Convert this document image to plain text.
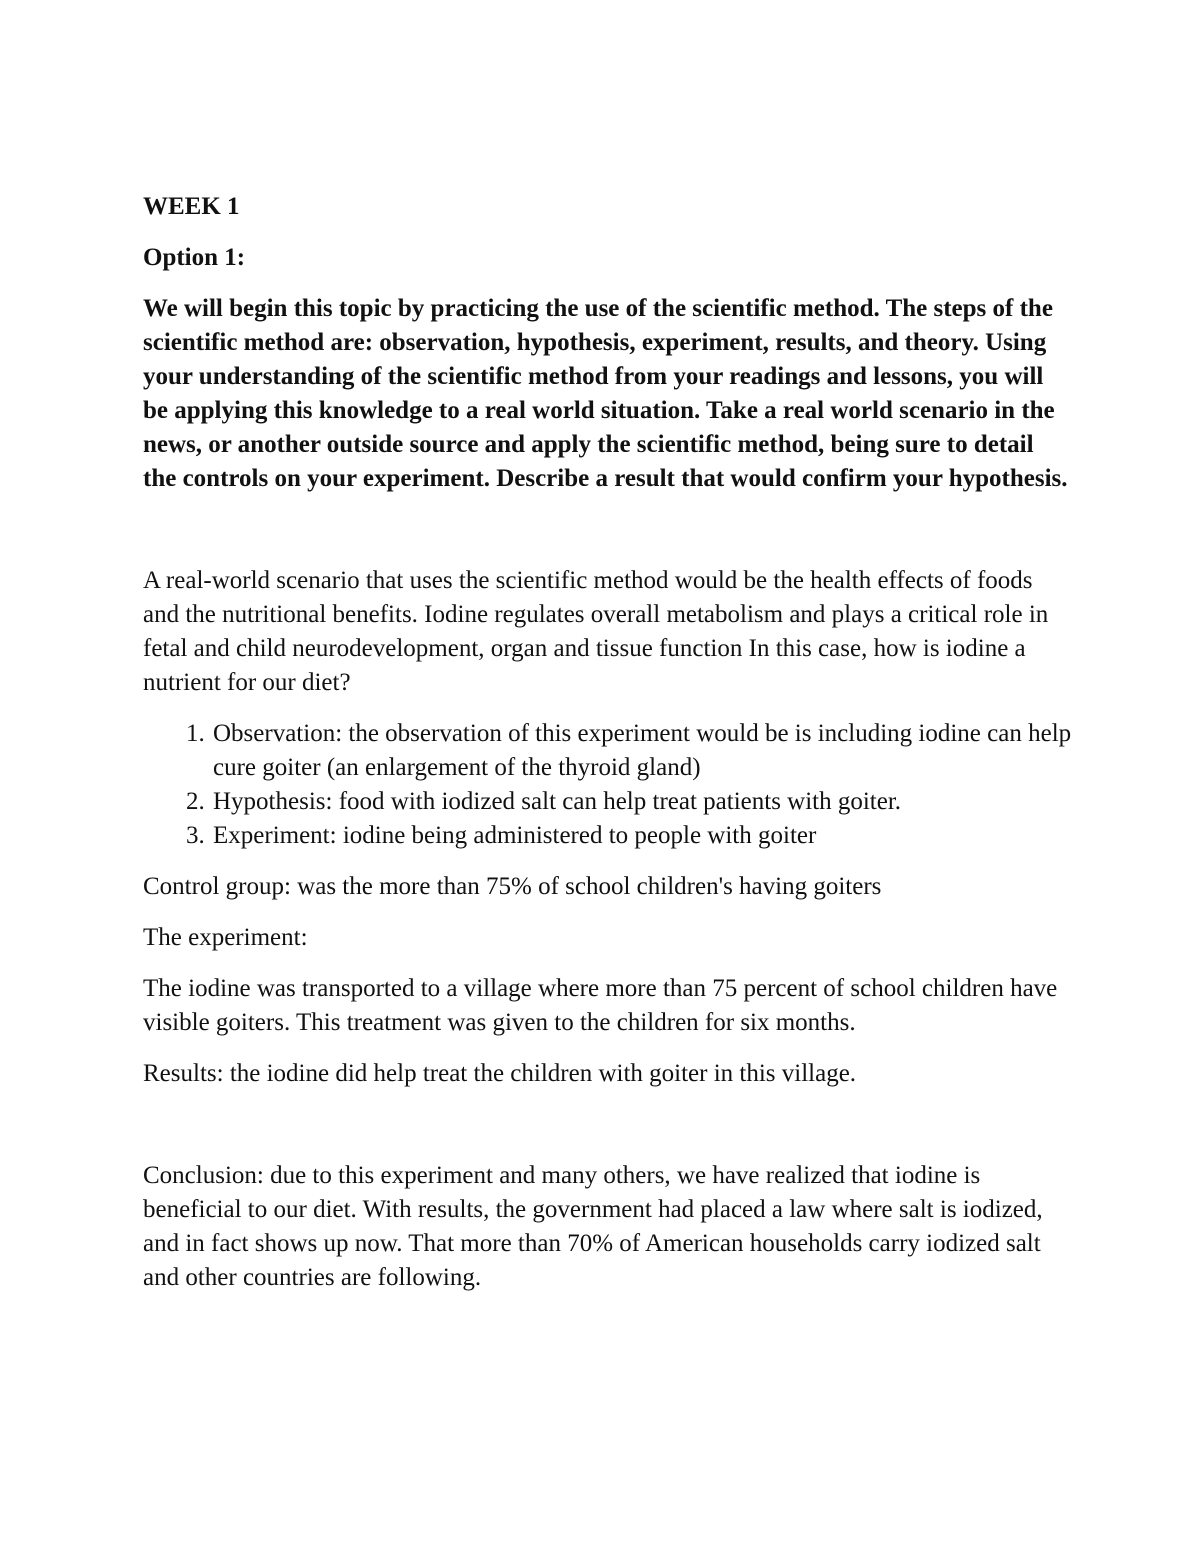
WEEK 1

Option 1:

We will begin this topic by practicing the use of the scientific method. The steps of the scientific method are: observation, hypothesis, experiment, results, and theory. Using your understanding of the scientific method from your readings and lessons, you will be applying this knowledge to a real world situation. Take a real world scenario in the news, or another outside source and apply the scientific method, being sure to detail the controls on your experiment. Describe a result that would confirm your hypothesis.

A real-world scenario that uses the scientific method would be the health effects of foods and the nutritional benefits. Iodine regulates overall metabolism and plays a critical role in fetal and child neurodevelopment, organ and tissue function In this case, how is iodine a nutrient for our diet?

1. Observation: the observation of this experiment would be is including iodine can help cure goiter (an enlargement of the thyroid gland)
2. Hypothesis: food with iodized salt can help treat patients with goiter.
3. Experiment: iodine being administered to people with goiter

Control group: was the more than 75% of school children's having goiters

The experiment:

The iodine was transported to a village where more than 75 percent of school children have visible goiters. This treatment was given to the children for six months.

Results: the iodine did help treat the children with goiter in this village.

Conclusion: due to this experiment and many others, we have realized that iodine is beneficial to our diet. With results, the government had placed a law where salt is iodized, and in fact shows up now. That more than 70% of American households carry iodized salt and other countries are following.
